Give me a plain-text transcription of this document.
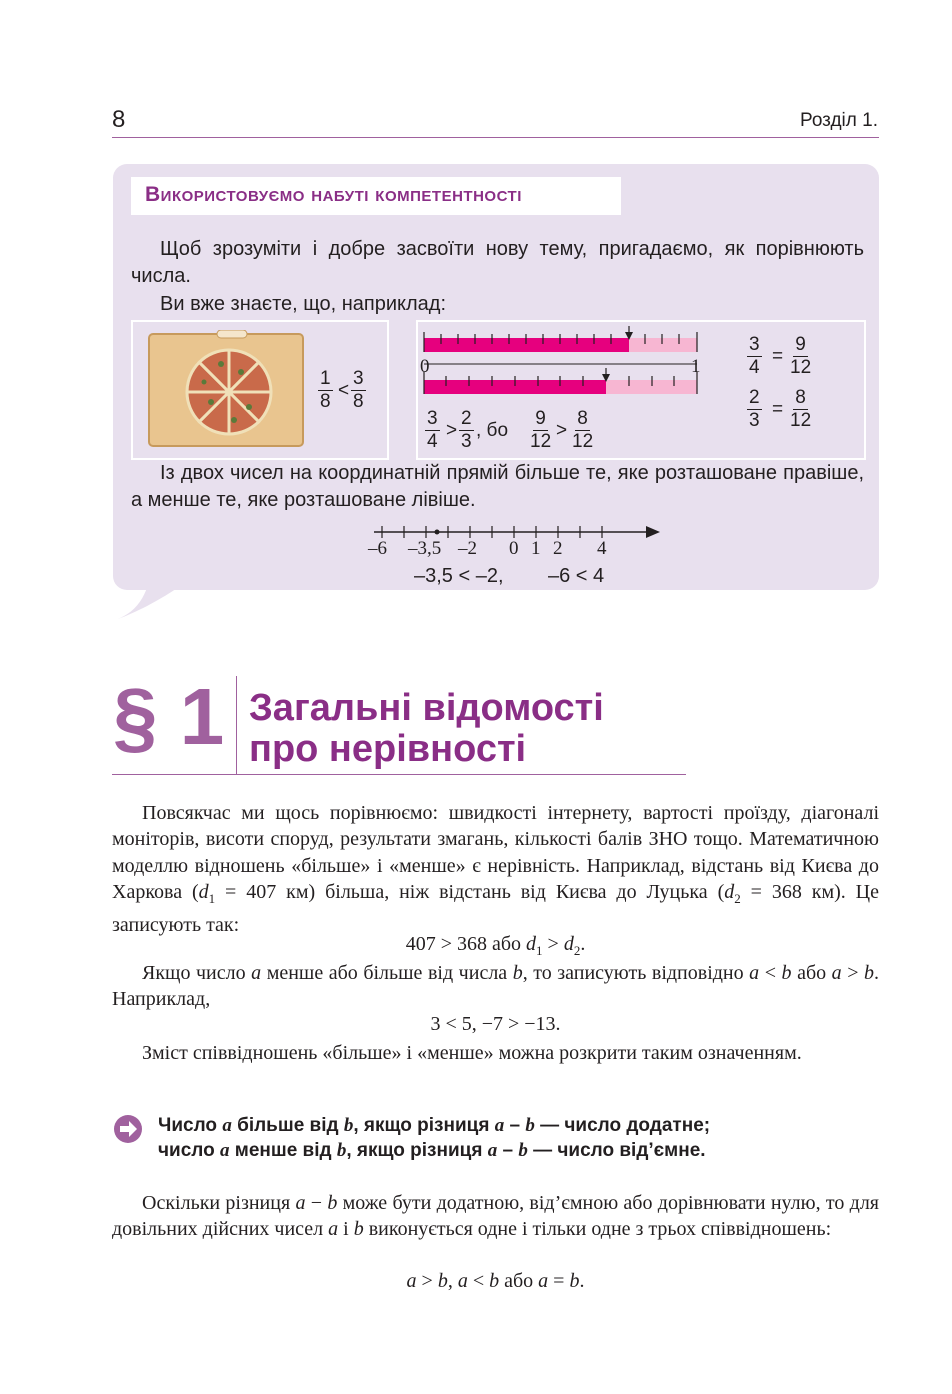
8	Розділ 1.
Використовуємо набуті компетентності
Щоб зрозуміти і добре засвоїти нову тему, пригадаємо, як порівнюють числа.
Ви вже знаєте, що, наприклад:
$\frac{1}{8} < \frac{3}{8}$
0	1
$\frac{3}{4} > \frac{2}{3}$ , бо $\frac{9}{12} > \frac{8}{12}$
$\frac{3}{4} = \frac{9}{12}$
$\frac{2}{3} = \frac{8}{12}$
Із двох чисел на координатній прямій більше те, яке розташоване правіше, а менше те, яке розташоване лівіше.
–6 –3,5 –2 0 1 2 4
–3,5 < –2, –6 < 4
§ 1 Загальні відомості
про нерівності
Повсякчас ми щось порівнюємо: швидкості інтернету, вартості проїзду, діагоналі моніторів, висоти споруд, результати змагань, кількості балів ЗНО тощо. Математичною моделлю відношень «більше» і «менше» є нерівність. Наприклад, відстань від Києва до Харкова ($d_1 = 407$ км) більша, ніж відстань від Києва до Луцька ($d_2 = 368$ км). Це записують так:
407 > 368 або $d_1 > d_2$.
Якщо число a менше або більше від числа b, то записують відповідно a < b або a > b. Наприклад,
3 < 5, −7 > −13.
Зміст співвідношень «більше» і «менше» можна розкрити таким означенням.
Число a більше від b, якщо різниця a – b — число додатне;
число a менше від b, якщо різниця a – b — число від’ємне.
Оскільки різниця a − b може бути додатною, від’ємною або дорівнювати нулю, то для довільних дійсних чисел a і b виконується одне і тільки одне з трьох співвідношень:
a > b, a < b або a = b.
